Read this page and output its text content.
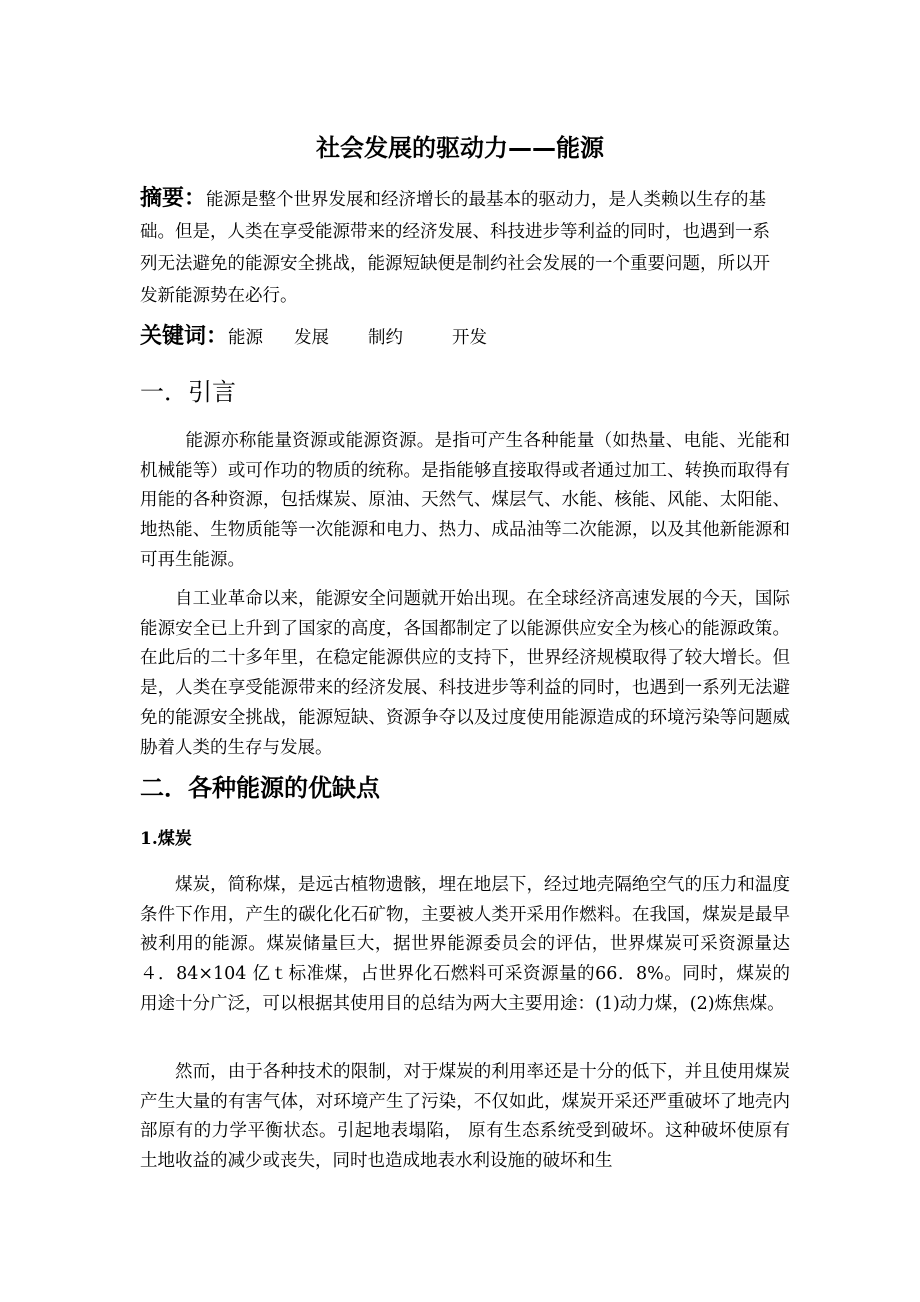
社会发展的驱动力——能源

摘要：能源是整个世界发展和经济增长的最基本的驱动力，是人类赖以生存的基础。但是，人类在享受能源带来的经济发展、科技进步等利益的同时，也遇到一系列无法避免的能源安全挑战，能源短缺便是制约社会发展的一个重要问题，所以开发新能源势在必行。

关键词：能源 发展 制约	开发

一．引言

能源亦称能量资源或能源资源。是指可产生各种能量（如热量、电能、光能和机械能等）或可作功的物质的统称。是指能够直接取得或者通过加工、转换而取得有用能的各种资源，包括煤炭、原油、天然气、煤层气、水能、核能、风能、太阳能、地热能、生物质能等一次能源和电力、热力、成品油等二次能源，以及其他新能源和可再生能源。

自工业革命以来，能源安全问题就开始出现。在全球经济高速发展的今天，国际能源安全已上升到了国家的高度，各国都制定了以能源供应安全为核心的能源政策。在此后的二十多年里，在稳定能源供应的支持下，世界经济规模取得了较大增长。但是，人类在享受能源带来的经济发展、科技进步等利益的同时，也遇到一系列无法避免的能源安全挑战，能源短缺、资源争夺以及过度使用能源造成的环境污染等问题威胁着人类的生存与发展。

二．各种能源的优缺点
1.煤炭

煤炭，简称煤，是远古植物遗骸，埋在地层下，经过地壳隔绝空气的压力和温度条件下作用，产生的碳化化石矿物，主要被人类开采用作燃料。在我国，煤炭是最早被利用的能源。煤炭储量巨大，据世界能源委员会的评估，世界煤炭可采资源量达４．84×104 亿ｔ标准煤，占世界化石燃料可采资源量的66．8%。同时，煤炭的用途十分广泛，可以根据其使用目的总结为两大主要用途：(1)动力煤，(2)炼焦煤。

然而，由于各种技术的限制，对于煤炭的利用率还是十分的低下，并且使用煤炭产生大量的有害气体，对环境产生了污染，不仅如此，煤炭开采还严重破坏了地壳内部原有的力学平衡状态。引起地表塌陷， 原有生态系统受到破坏。这种破坏使原有土地收益的减少或丧失，同时也造成地表水利设施的破坏和生
